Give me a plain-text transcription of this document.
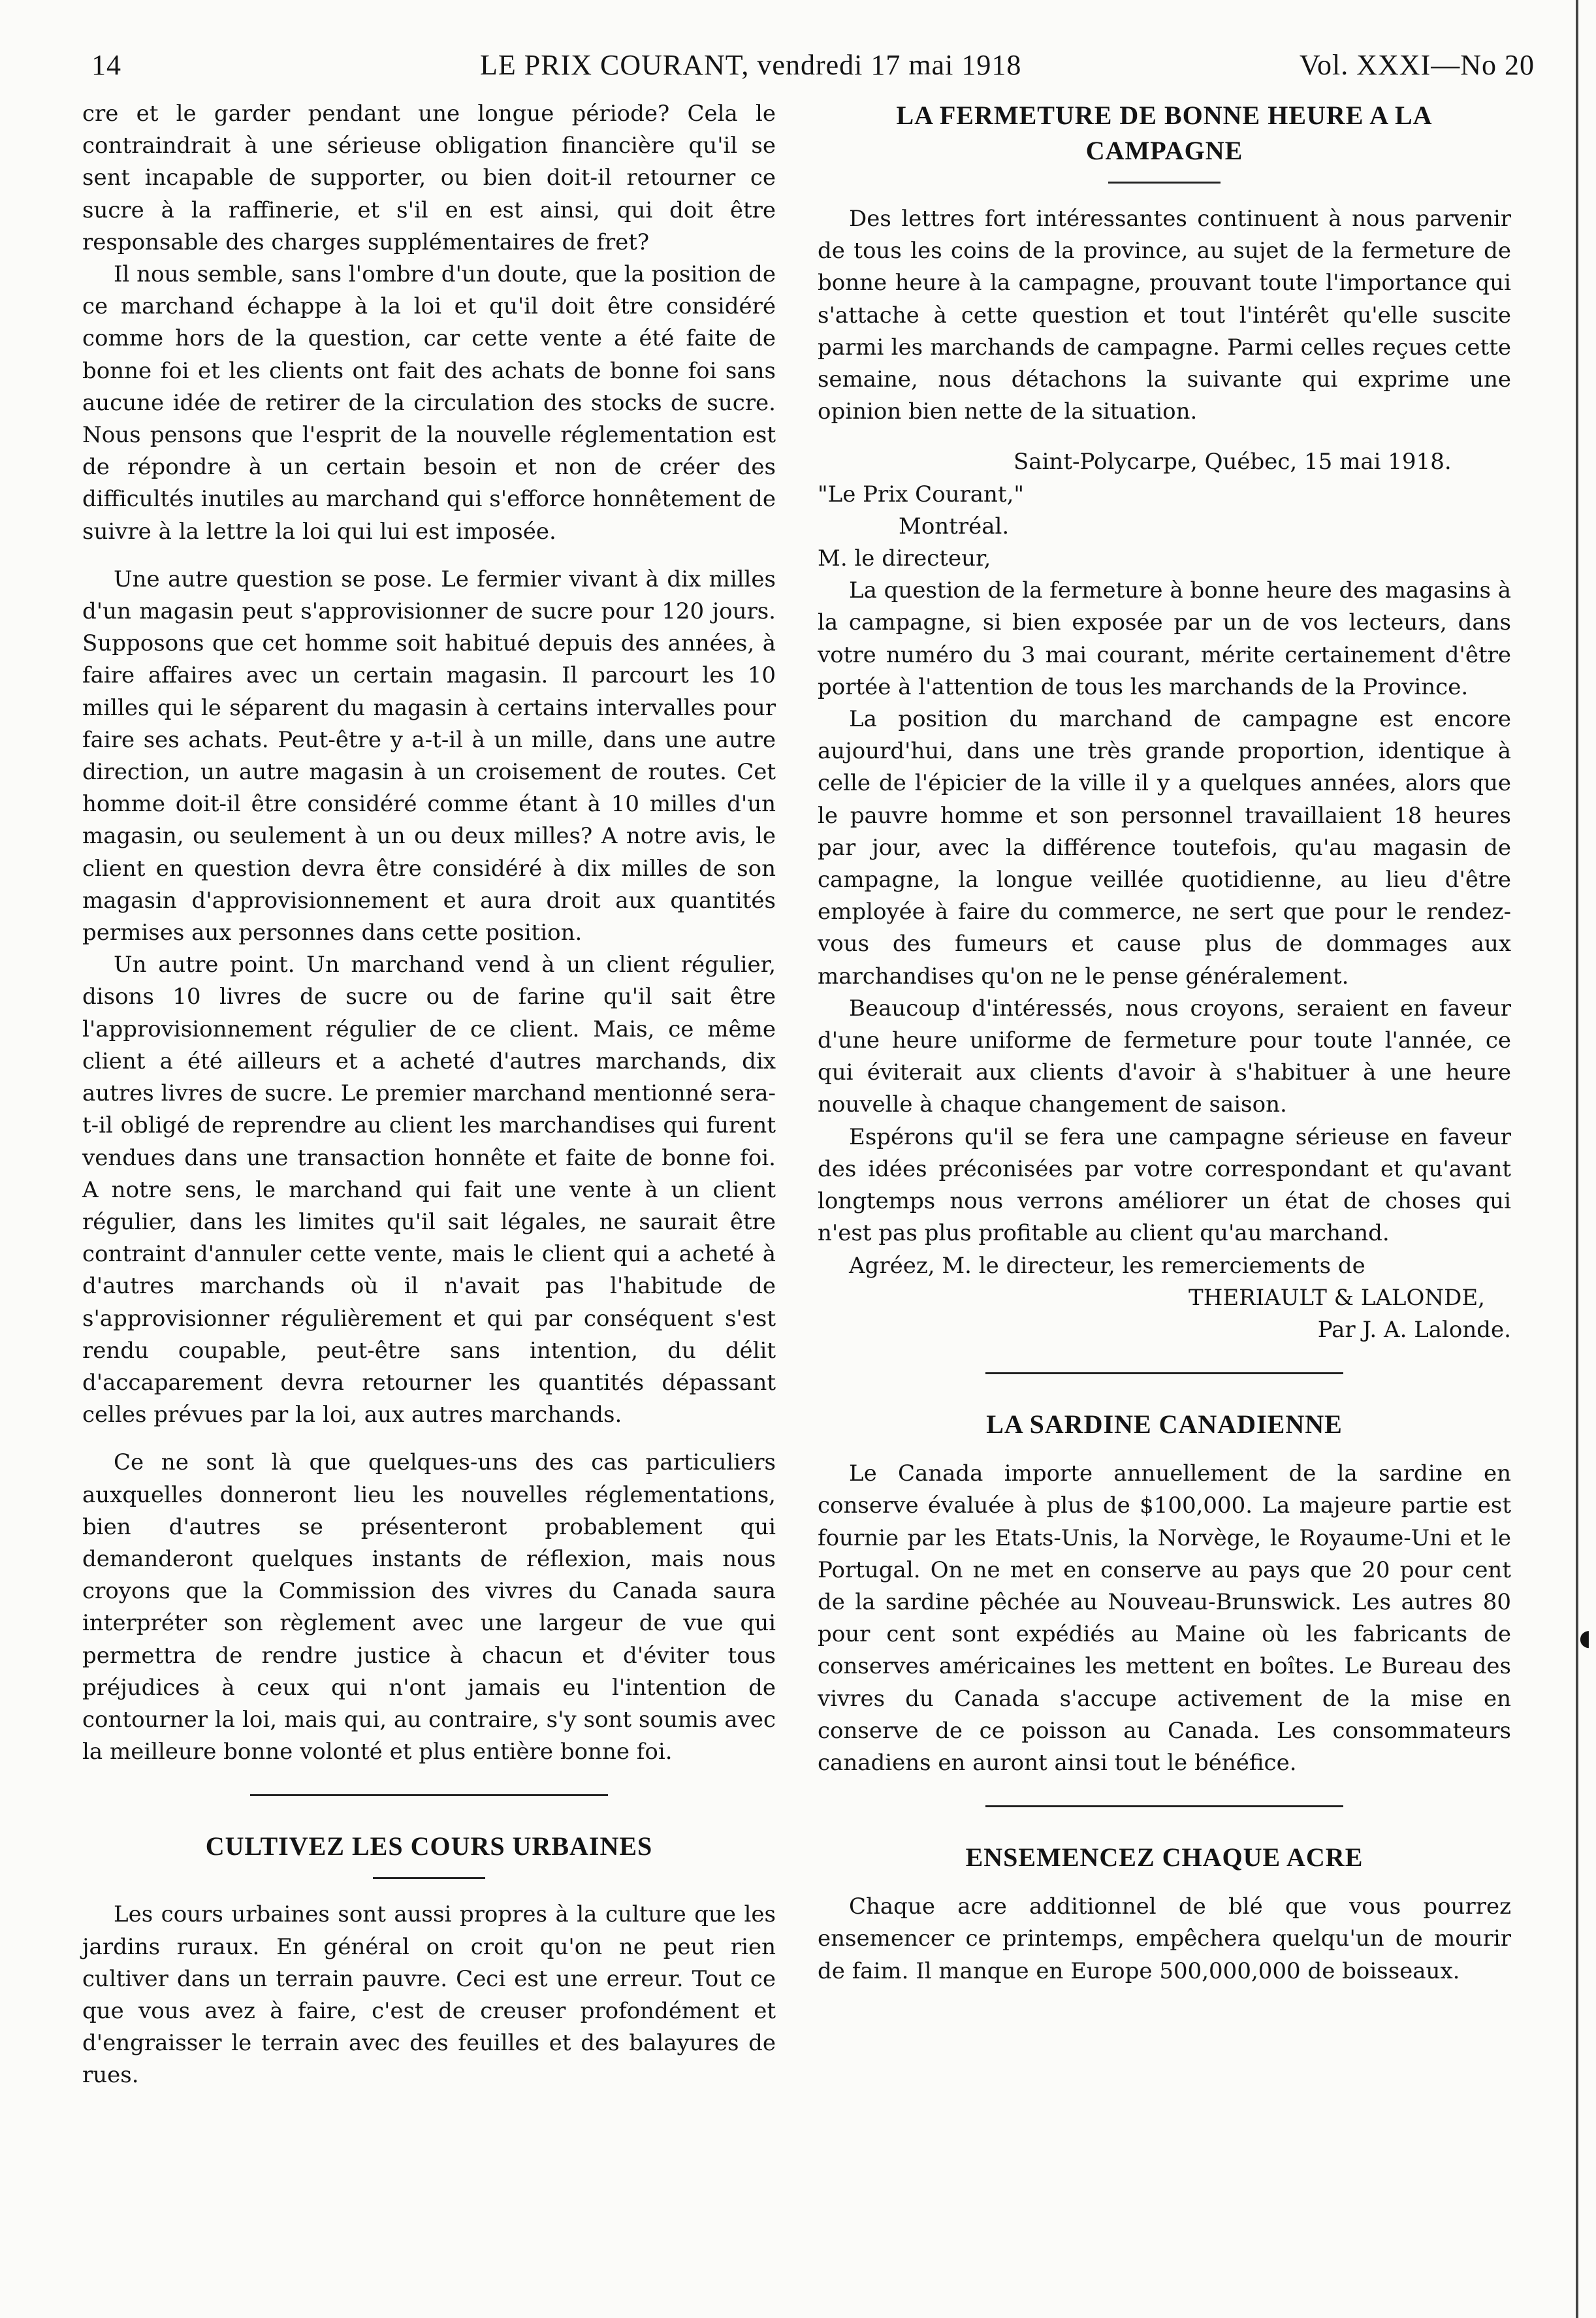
14	LE PRIX COURANT, vendredi 17 mai 1918	Vol. XXXI—No 20
◖

cre et le garder pendant une longue période? Cela le contraindrait à une sérieuse obligation financière qu'il se sent incapable de supporter, ou bien doit-il retourner ce sucre à la raffinerie, et s'il en est ainsi, qui doit être responsable des charges supplémentaires de fret?

Il nous semble, sans l'ombre d'un doute, que la position de ce marchand échappe à la loi et qu'il doit être considéré comme hors de la question, car cette vente a été faite de bonne foi et les clients ont fait des achats de bonne foi sans aucune idée de retirer de la circulation des stocks de sucre. Nous pensons que l'esprit de la nouvelle réglementation est de répondre à un certain besoin et non de créer des difficultés inutiles au marchand qui s'efforce honnêtement de suivre à la lettre la loi qui lui est imposée.

Une autre question se pose. Le fermier vivant à dix milles d'un magasin peut s'approvisionner de sucre pour 120 jours. Supposons que cet homme soit habitué depuis des années, à faire affaires avec un certain magasin. Il parcourt les 10 milles qui le séparent du magasin à certains intervalles pour faire ses achats. Peut-être y a-t-il à un mille, dans une autre direction, un autre magasin à un croisement de routes. Cet homme doit-il être considéré comme étant à 10 milles d'un magasin, ou seulement à un ou deux milles? A notre avis, le client en question devra être considéré à dix milles de son magasin d'approvisionnement et aura droit aux quantités permises aux personnes dans cette position.

Un autre point. Un marchand vend à un client régulier, disons 10 livres de sucre ou de farine qu'il sait être l'approvisionnement régulier de ce client. Mais, ce même client a été ailleurs et a acheté d'autres marchands, dix autres livres de sucre. Le premier marchand mentionné sera-t-il obligé de reprendre au client les marchandises qui furent vendues dans une transaction honnête et faite de bonne foi. A notre sens, le marchand qui fait une vente à un client régulier, dans les limites qu'il sait légales, ne saurait être contraint d'annuler cette vente, mais le client qui a acheté à d'autres marchands où il n'avait pas l'habitude de s'approvisionner régulièrement et qui par conséquent s'est rendu coupable, peut-être sans intention, du délit d'accaparement devra retourner les quantités dépassant celles prévues par la loi, aux autres marchands.

Ce ne sont là que quelques-uns des cas particuliers auxquelles donneront lieu les nouvelles réglementations, bien d'autres se présenteront probablement qui demanderont quelques instants de réflexion, mais nous croyons que la Commission des vivres du Canada saura interpréter son règlement avec une largeur de vue qui permettra de rendre justice à chacun et d'éviter tous préjudices à ceux qui n'ont jamais eu l'intention de contourner la loi, mais qui, au contraire, s'y sont soumis avec la meilleure bonne volonté et plus entière bonne foi.

CULTIVEZ LES COURS URBAINES

Les cours urbaines sont aussi propres à la culture que les jardins ruraux. En général on croit qu'on ne peut rien cultiver dans un terrain pauvre. Ceci est une erreur. Tout ce que vous avez à faire, c'est de creuser profondément et d'engraisser le terrain avec des feuilles et des balayures de rues.

LA FERMETURE DE BONNE HEURE A LA CAMPAGNE

Des lettres fort intéressantes continuent à nous parvenir de tous les coins de la province, au sujet de la fermeture de bonne heure à la campagne, prouvant toute l'importance qui s'attache à cette question et tout l'intérêt qu'elle suscite parmi les marchands de campagne. Parmi celles reçues cette semaine, nous détachons la suivante qui exprime une opinion bien nette de la situation.

Saint-Polycarpe, Québec, 15 mai 1918.
"Le Prix Courant,"
Montréal.
M. le directeur,

La question de la fermeture à bonne heure des magasins à la campagne, si bien exposée par un de vos lecteurs, dans votre numéro du 3 mai courant, mérite certainement d'être portée à l'attention de tous les marchands de la Province.

La position du marchand de campagne est encore aujourd'hui, dans une très grande proportion, identique à celle de l'épicier de la ville il y a quelques années, alors que le pauvre homme et son personnel travaillaient 18 heures par jour, avec la différence toutefois, qu'au magasin de campagne, la longue veillée quotidienne, au lieu d'être employée à faire du commerce, ne sert que pour le rendez-vous des fumeurs et cause plus de dommages aux marchandises qu'on ne le pense généralement.

Beaucoup d'intéressés, nous croyons, seraient en faveur d'une heure uniforme de fermeture pour toute l'année, ce qui éviterait aux clients d'avoir à s'habituer à une heure nouvelle à chaque changement de saison.

Espérons qu'il se fera une campagne sérieuse en faveur des idées préconisées par votre correspondant et qu'avant longtemps nous verrons améliorer un état de choses qui n'est pas plus profitable au client qu'au marchand.

Agréez, M. le directeur, les remerciements de

THERIAULT & LALONDE,
Par J. A. Lalonde.
LA SARDINE CANADIENNE

Le Canada importe annuellement de la sardine en conserve évaluée à plus de $100,000. La majeure partie est fournie par les Etats-Unis, la Norvège, le Royaume-Uni et le Portugal. On ne met en conserve au pays que 20 pour cent de la sardine pêchée au Nouveau-Brunswick. Les autres 80 pour cent sont expédiés au Maine où les fabricants de conserves américaines les mettent en boîtes. Le Bureau des vivres du Canada s'accupe activement de la mise en conserve de ce poisson au Canada. Les consommateurs canadiens en auront ainsi tout le bénéfice.

ENSEMENCEZ CHAQUE ACRE

Chaque acre additionnel de blé que vous pourrez ensemencer ce printemps, empêchera quelqu'un de mourir de faim. Il manque en Europe 500,000,000 de boisseaux.
